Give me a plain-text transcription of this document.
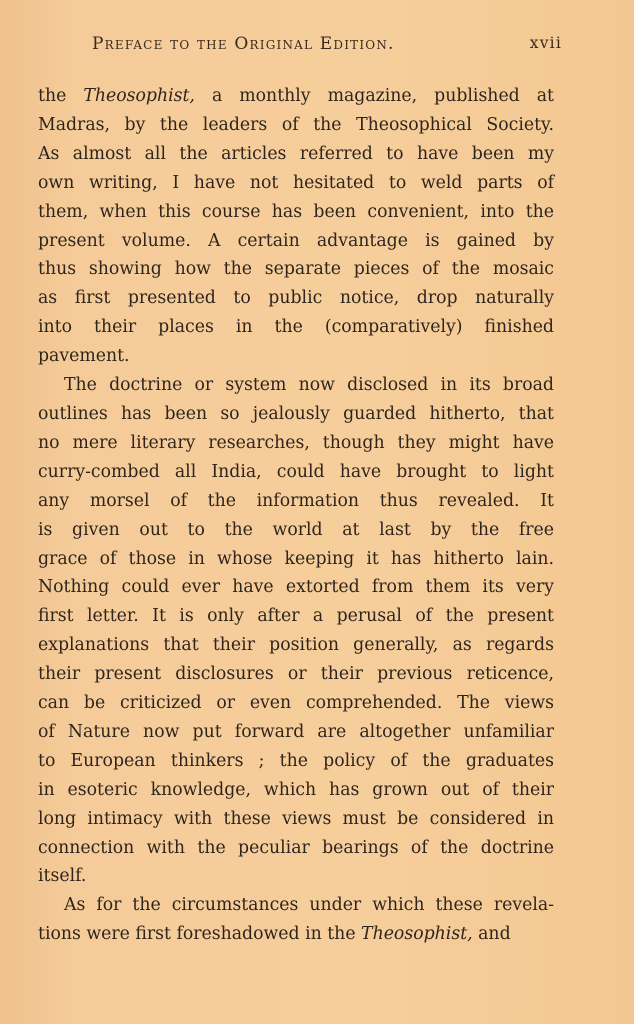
Preface to the Original Edition.	xvii

the Theosophist, a monthly magazine, published at
Madras, by the leaders of the Theosophical Society.
As almost all the articles referred to have been my
own writing, I have not hesitated to weld parts of
them, when this course has been convenient, into the
present volume. A certain advantage is gained by
thus showing how the separate pieces of the mosaic
as first presented to public notice, drop naturally
into their places in the (comparatively) finished
pavement.

The doctrine or system now disclosed in its broad
outlines has been so jealously guarded hitherto, that
no mere literary researches, though they might have
curry-combed all India, could have brought to light
any morsel of the information thus revealed. It
is given out to the world at last by the free
grace of those in whose keeping it has hitherto lain.
Nothing could ever have extorted from them its very
first letter. It is only after a perusal of the present
explanations that their position generally, as regards
their present disclosures or their previous reticence,
can be criticized or even comprehended. The views
of Nature now put forward are altogether unfamiliar
to European thinkers ; the policy of the graduates
in esoteric knowledge, which has grown out of their
long intimacy with these views must be considered in
connection with the peculiar bearings of the doctrine
itself.

As for the circumstances under which these revela-
tions were first foreshadowed in the Theosophist, and
